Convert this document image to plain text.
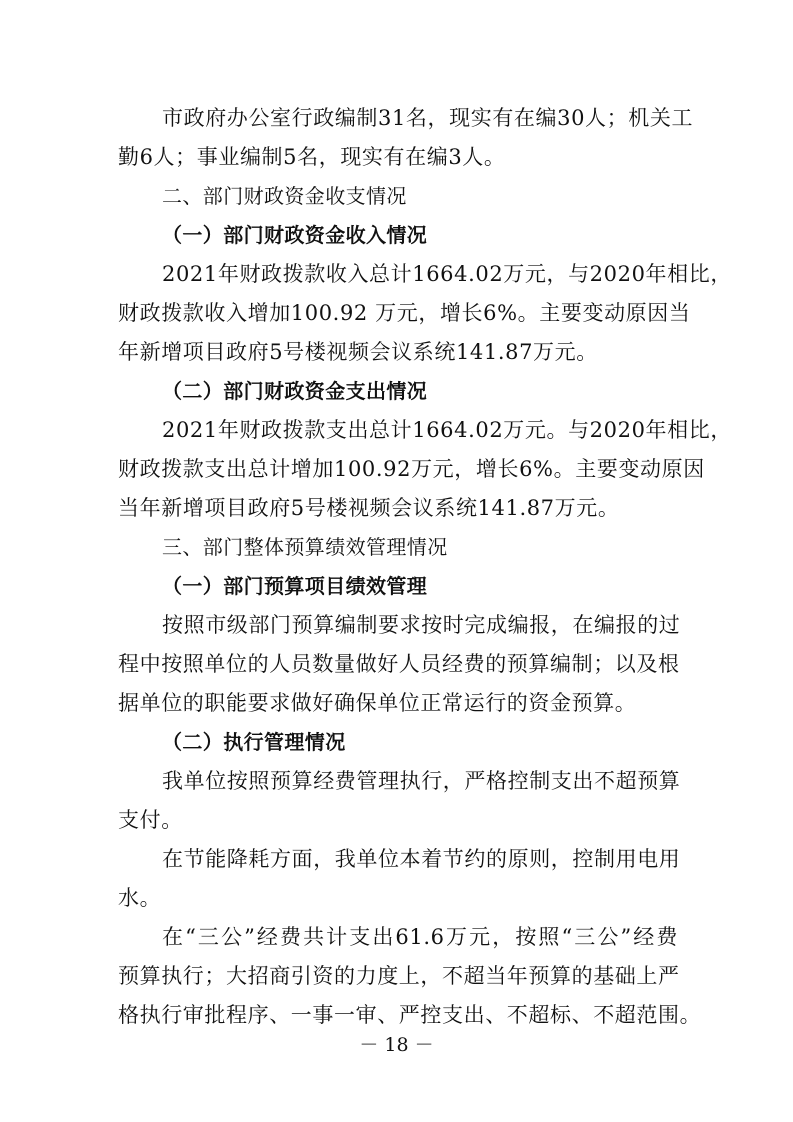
市政府办公室行政编制31名，现实有在编30人；机关工
勤6人；事业编制5名，现实有在编3人。
二、部门财政资金收支情况
（一）部门财政资金收入情况
2021年财政拨款收入总计1664.02万元，与2020年相比，
财政拨款收入增加100.92 万元，增长6%。主要变动原因当
年新增项目政府5号楼视频会议系统141.87万元。
（二）部门财政资金支出情况
2021年财政拨款支出总计1664.02万元。与2020年相比，
财政拨款支出总计增加100.92万元，增长6%。主要变动原因
当年新增项目政府5号楼视频会议系统141.87万元。
三、部门整体预算绩效管理情况
（一）部门预算项目绩效管理
按照市级部门预算编制要求按时完成编报，在编报的过
程中按照单位的人员数量做好人员经费的预算编制；以及根
据单位的职能要求做好确保单位正常运行的资金预算。
（二）执行管理情况
我单位按照预算经费管理执行，严格控制支出不超预算
支付。
在节能降耗方面，我单位本着节约的原则，控制用电用
水。
在“三公”经费共计支出61.6万元，按照“三公”经费
预算执行；大招商引资的力度上，不超当年预算的基础上严
格执行审批程序、一事一审、严控支出、不超标、不超范围。
－ 18 －
